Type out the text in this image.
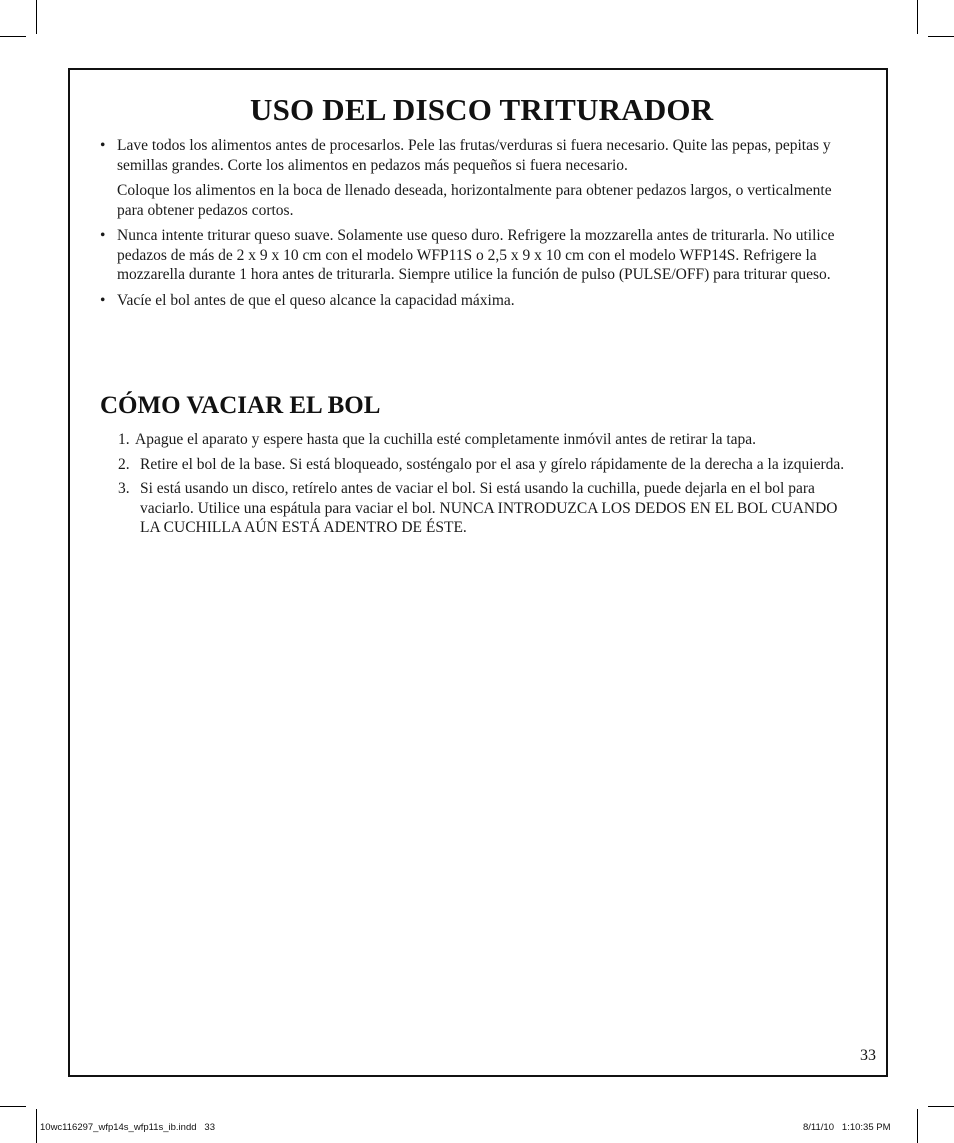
USO DEL DISCO TRITURADOR
• Lave todos los alimentos antes de procesarlos. Pele las frutas/verduras si fuera necesario. Quite las pepas, pepitas y semillas grandes. Corte los alimentos en pedazos más pequeños si fuera necesario.

Coloque los alimentos en la boca de llenado deseada, horizontalmente para obtener pedazos largos, o verticalmente para obtener pedazos cortos.

• Nunca intente triturar queso suave. Solamente use queso duro. Refrigere la mozzarella antes de triturarla. No utilice pedazos de más de 2 x 9 x 10 cm con el modelo WFP11S o 2,5 x 9 x 10 cm con el modelo WFP14S. Refrigere la mozzarella durante 1 hora antes de triturarla. Siempre utilice la función de pulso (PULSE/OFF) para triturar queso.

• Vacíe el bol antes de que el queso alcance la capacidad máxima.

CÓMO VACIAR EL BOL
1. Apague el aparato y espere hasta que la cuchilla esté completamente inmóvil antes de retirar la tapa.
2. Retire el bol de la base. Si está bloqueado, sosténgalo por el asa y gírelo rápidamente de la derecha a la izquierda.
3. Si está usando un disco, retírelo antes de vaciar el bol. Si está usando la cuchilla, puede dejarla en el bol para vaciarlo. Utilice una espátula para vaciar el bol. NUNCA INTRODUZCA LOS DEDOS EN EL BOL CUANDO LA CUCHILLA AÚN ESTÁ ADENTRO DE ÉSTE.
33
10wc116297_wfp14s_wfp11s_ib.indd   33	8/11/10   1:10:35 PM
